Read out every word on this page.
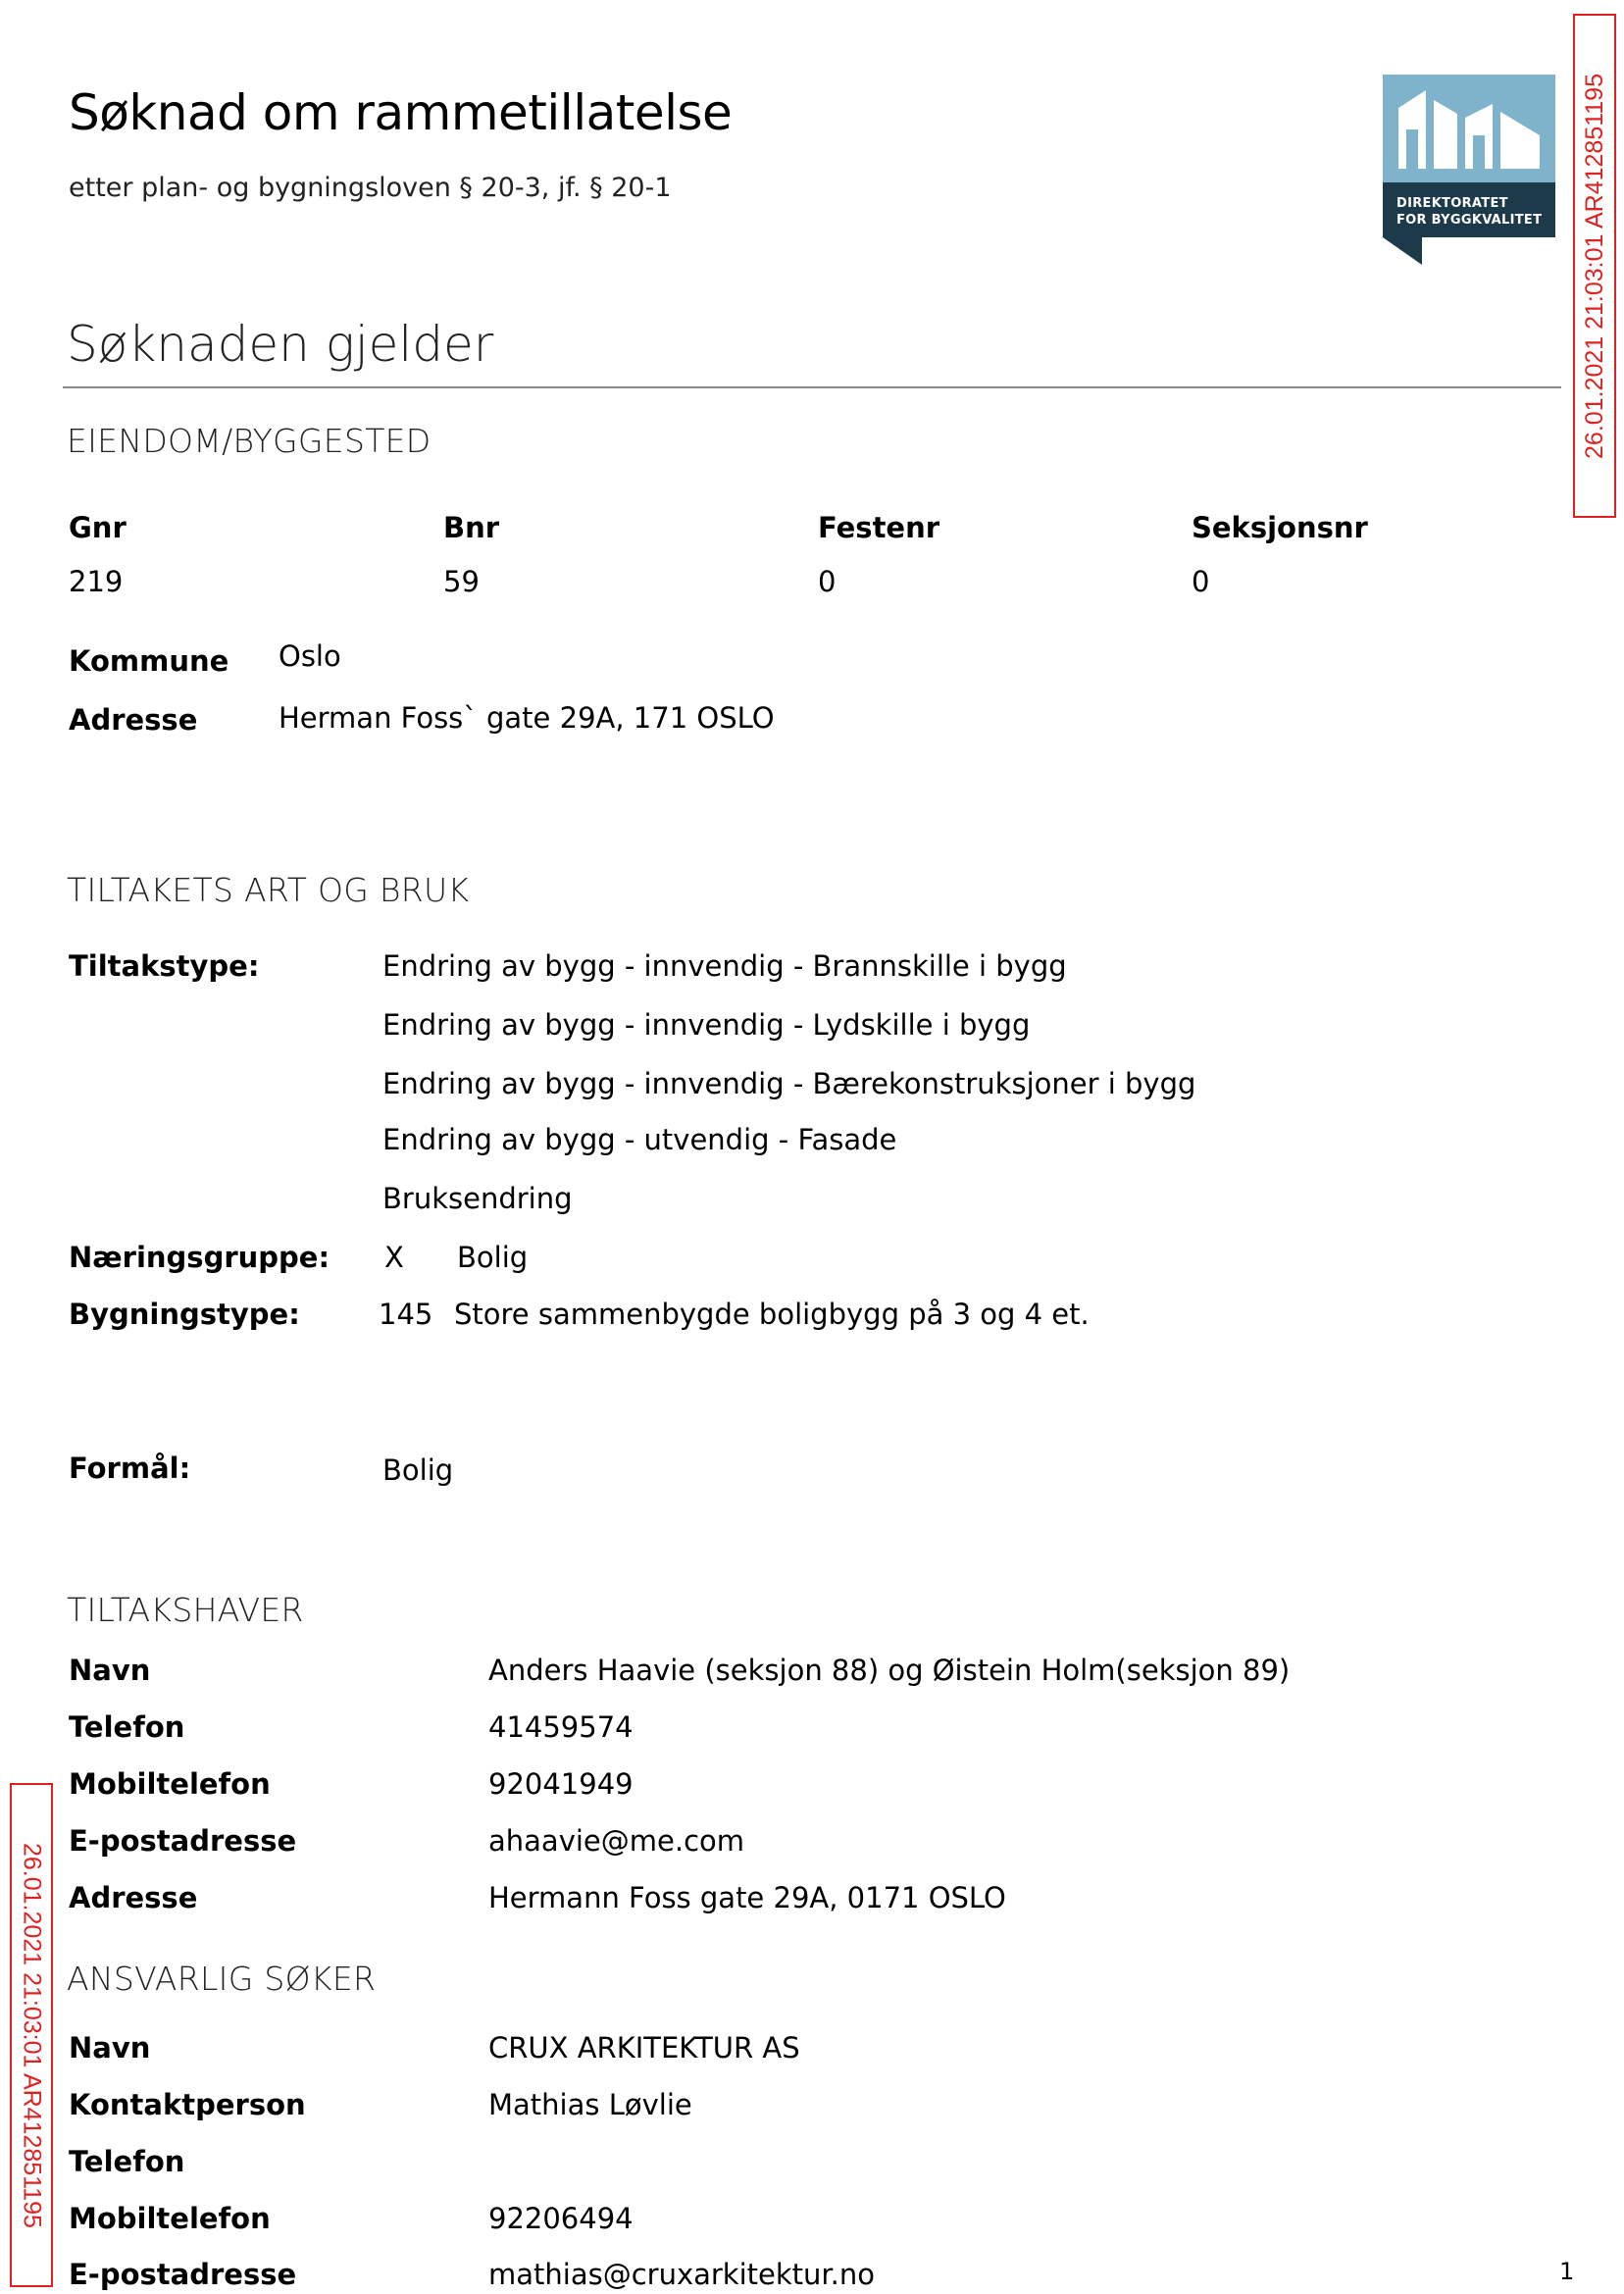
Søknad om rammetillatelse
etter plan- og bygningsloven § 20-3, jf. § 20-1
DIREKTORATET
FOR BYGGKVALITET 26.01.2021 21:03:01 AR412851195
Søknaden gjelder
EIENDOM/BYGGESTED
Gnr	Bnr	Festenr	Seksjonsnr
219	59	0	0
Kommune Oslo
Adresse	Herman Foss` gate 29A, 171 OSLO
TILTAKETS ART OG BRUK
Tiltakstype:	Endring av bygg - innvendig - Brannskille i bygg
Endring av bygg - innvendig - Lydskille i bygg
Endring av bygg - innvendig - Bærekonstruksjoner i bygg
Endring av bygg - utvendig - Fasade
Bruksendring
Næringsgruppe: X Bolig
Bygningstype:	145 Store sammenbygde boligbygg på 3 og 4 et.
Formål:	Bolig
TILTAKSHAVER
Navn	Anders Haavie (seksjon 88) og Øistein Holm(seksjon 89)
Telefon	41459574
Mobiltelefon	92041949
E-postadresse	ahaavie@me.com
Adresse	Hermann Foss gate 29A, 0171 OSLO
ANSVARLIG SØKER
Navn	CRUX ARKITEKTUR AS
Kontaktperson	Mathias Løvlie
Telefon
Mobiltelefon	92206494
E-postadresse	mathias@cruxarkitektur.no
26.01.2021 21:03:01 AR412851195
1
